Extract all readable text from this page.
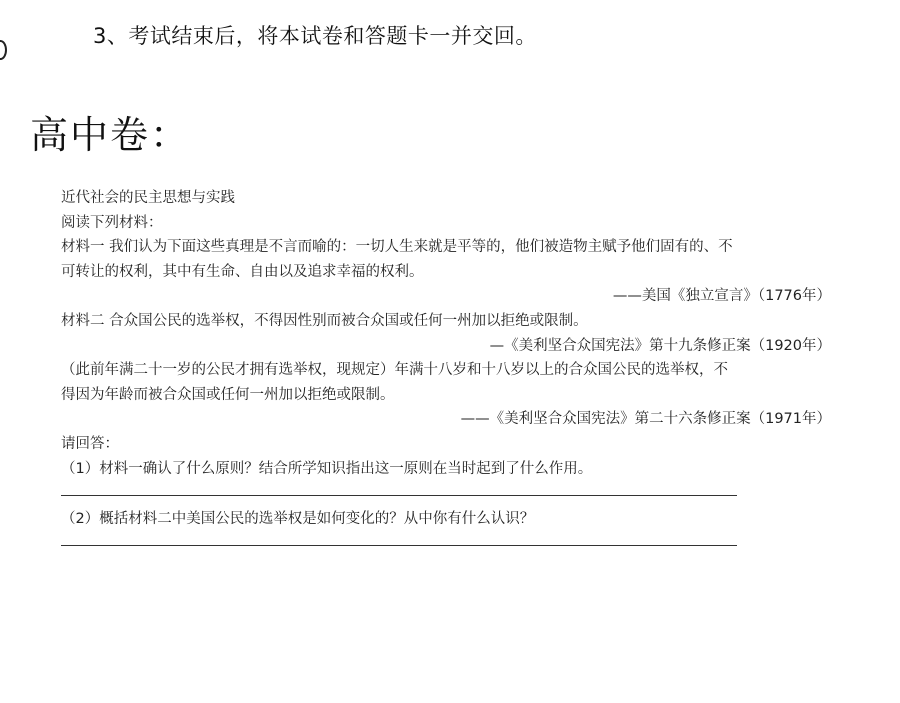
3、考试结束后，将本试卷和答题卡一并交回。
高中卷：
近代社会的民主思想与实践
阅读下列材料：
材料一 我们认为下面这些真理是不言而喻的：一切人生来就是平等的，他们被造物主赋予他们固有的、不
可转让的权利，其中有生命、自由以及追求幸福的权利。
——美国《独立宣言》（1776年）
材料二 合众国公民的选举权，不得因性别而被合众国或任何一州加以拒绝或限制。
—《美利坚合众国宪法》第十九条修正案（1920年）
（此前年满二十一岁的公民才拥有选举权，现规定）年满十八岁和十八岁以上的合众国公民的选举权，不
得因为年龄而被合众国或任何一州加以拒绝或限制。
——《美利坚合众国宪法》第二十六条修正案（1971年）
请回答：
（1）材料一确认了什么原则？结合所学知识指出这一原则在当时起到了什么作用。
（2）概括材料二中美国公民的选举权是如何变化的？从中你有什么认识？
